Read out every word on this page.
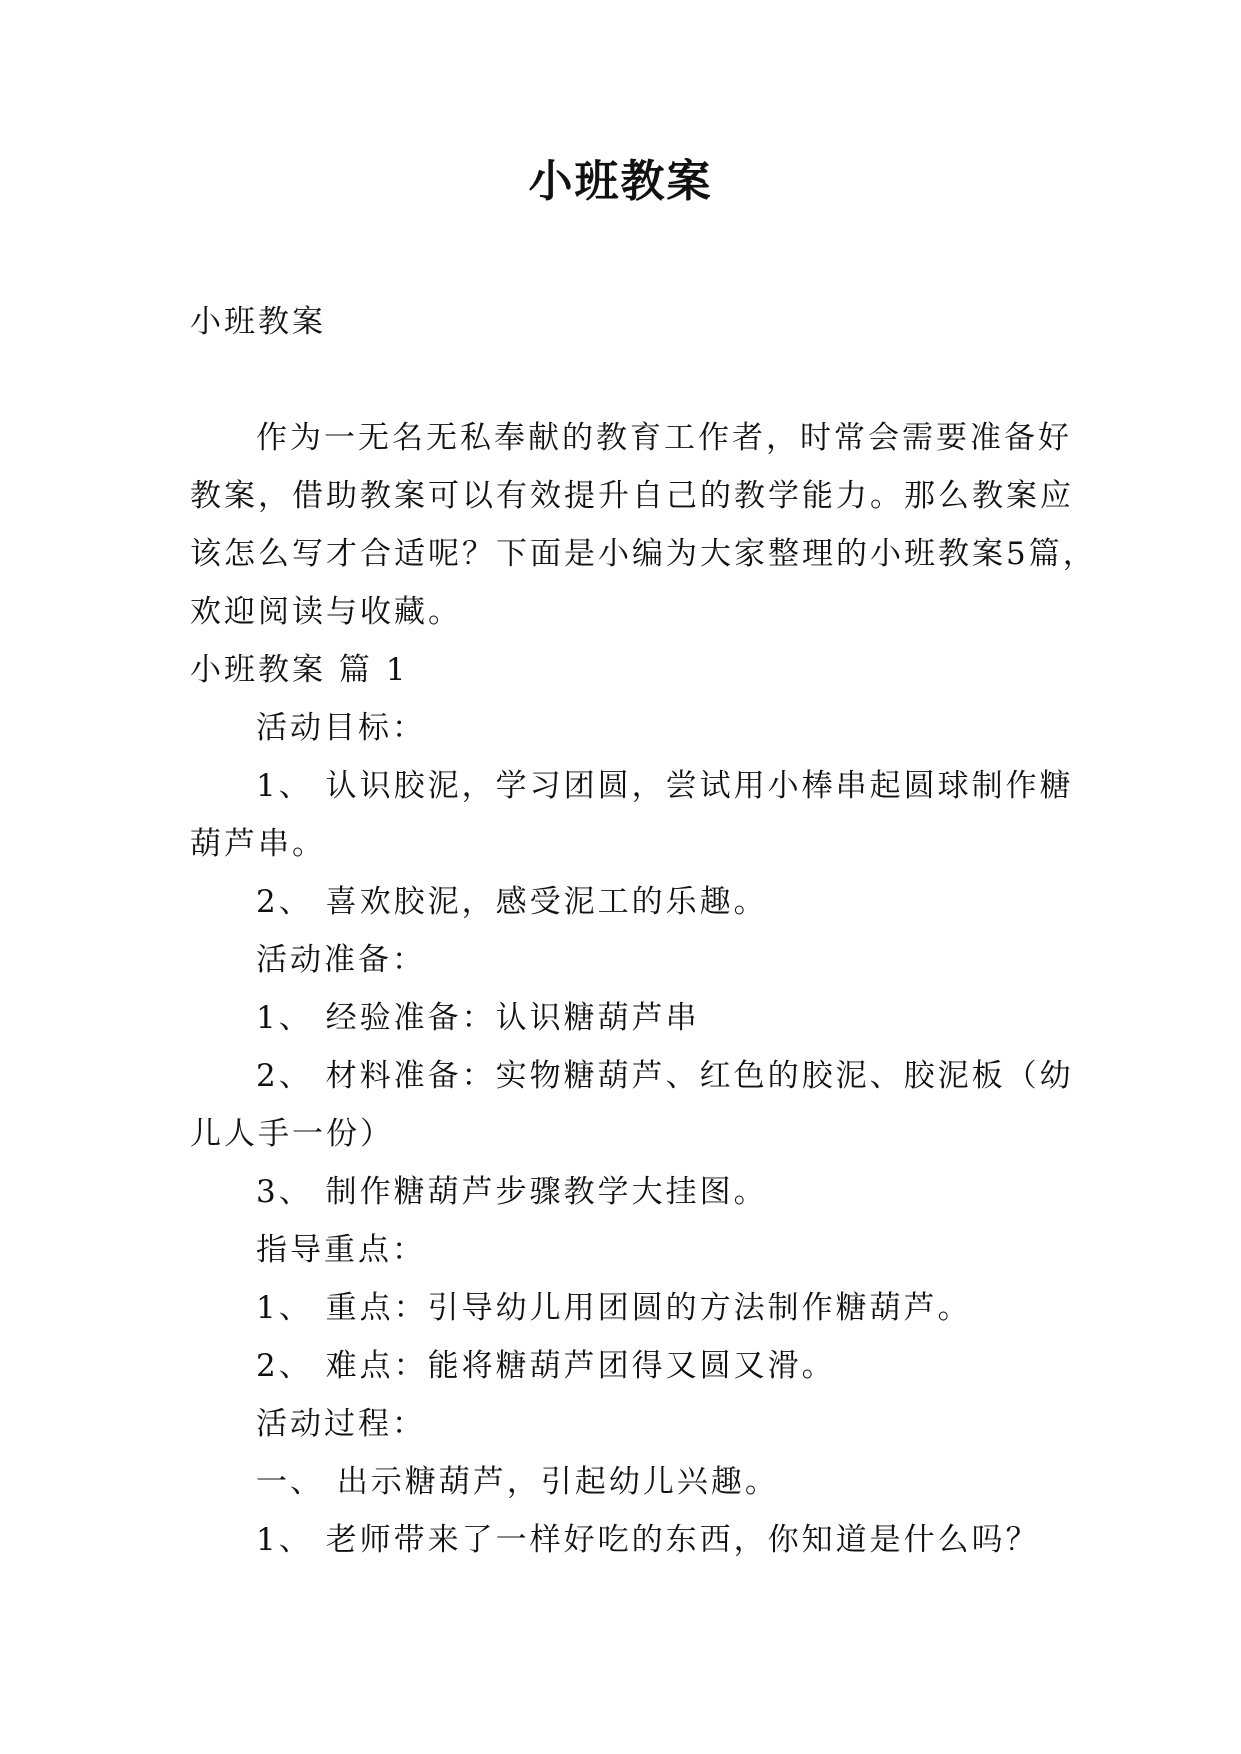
小班教案

小班教案

作为一无名无私奉献的教育工作者，时常会需要准备好

教案，借助教案可以有效提升自己的教学能力。那么教案应

该怎么写才合适呢？下面是小编为大家整理的小班教案5篇，

欢迎阅读与收藏。

小班教案 篇 1

活动目标：

1、 认识胶泥，学习团圆，尝试用小棒串起圆球制作糖

葫芦串。

2、 喜欢胶泥，感受泥工的乐趣。

活动准备：

1、 经验准备：认识糖葫芦串

2、 材料准备：实物糖葫芦、红色的胶泥、胶泥板（幼

儿人手一份）

3、 制作糖葫芦步骤教学大挂图。

指导重点：

1、 重点：引导幼儿用团圆的方法制作糖葫芦。

2、 难点：能将糖葫芦团得又圆又滑。

活动过程：

一、 出示糖葫芦，引起幼儿兴趣。

1、 老师带来了一样好吃的东西，你知道是什么吗？
